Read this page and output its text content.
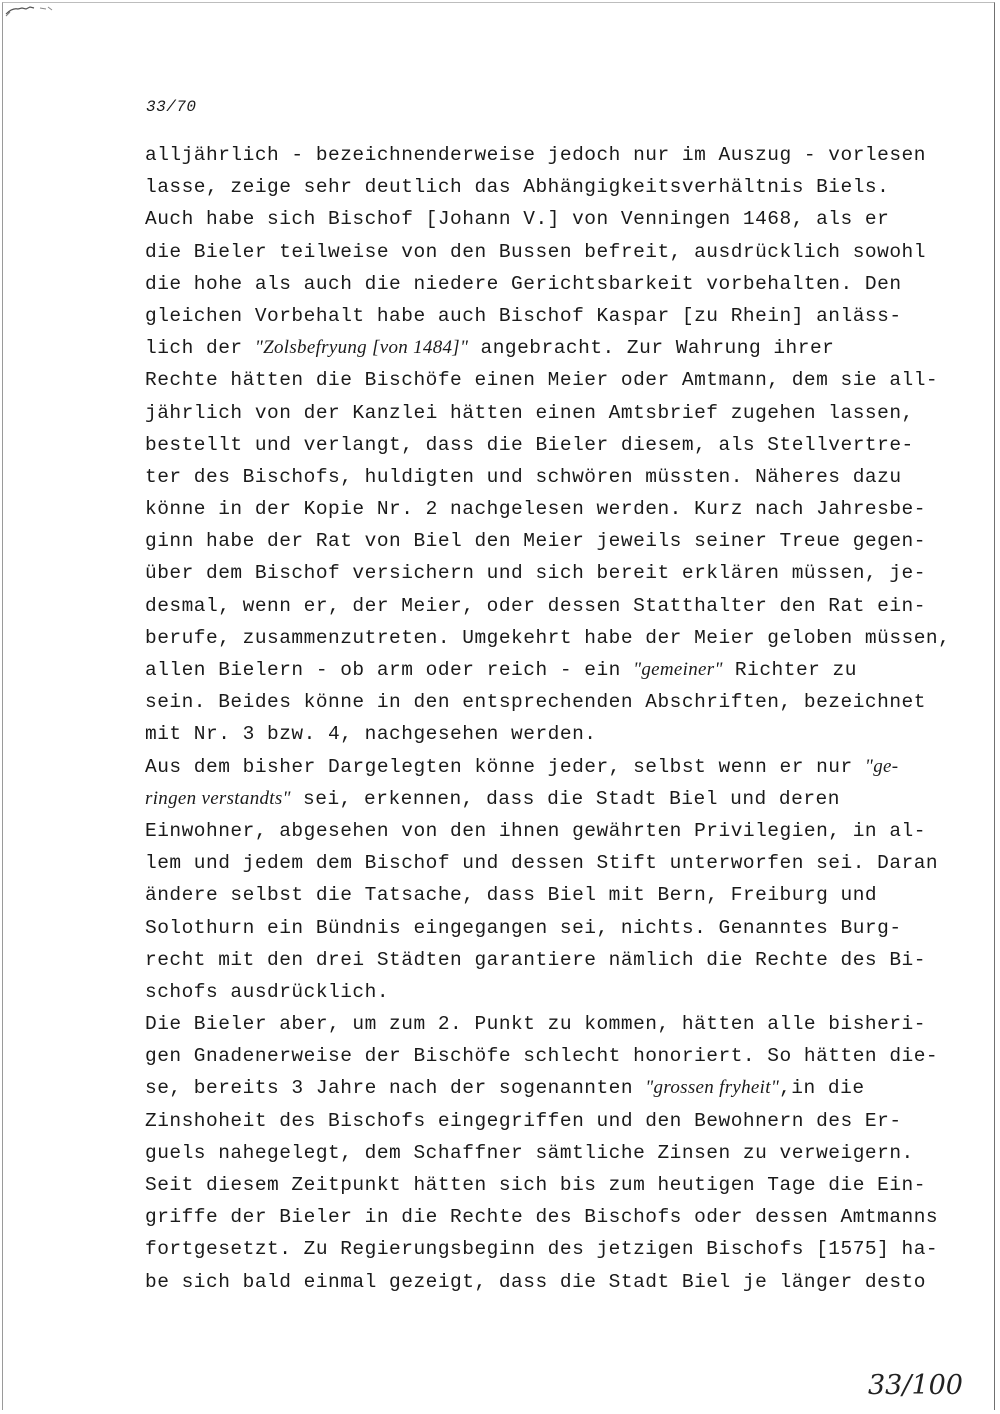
33/70
alljährlich - bezeichnenderweise jedoch nur im Auszug - vorlesen
lasse, zeige sehr deutlich das Abhängigkeitsverhältnis Biels.
Auch habe sich Bischof [Johann V.] von Venningen 1468, als er
die Bieler teilweise von den Bussen befreit, ausdrücklich sowohl
die hohe als auch die niedere Gerichtsbarkeit vorbehalten. Den
gleichen Vorbehalt habe auch Bischof Kaspar [zu Rhein] anläss-
lich der "Zolsbefryung [von 1484]" angebracht. Zur Wahrung ihrer
Rechte hätten die Bischöfe einen Meier oder Amtmann, dem sie all-
jährlich von der Kanzlei hätten einen Amtsbrief zugehen lassen,
bestellt und verlangt, dass die Bieler diesem, als Stellvertre-
ter des Bischofs, huldigten und schwören müssten. Näheres dazu
könne in der Kopie Nr. 2 nachgelesen werden. Kurz nach Jahresbe-
ginn habe der Rat von Biel den Meier jeweils seiner Treue gegen-
über dem Bischof versichern und sich bereit erklären müssen, je-
desmal, wenn er, der Meier, oder dessen Statthalter den Rat ein-
berufe, zusammenzutreten. Umgekehrt habe der Meier geloben müssen,
allen Bielern - ob arm oder reich - ein "gemeiner" Richter zu
sein. Beides könne in den entsprechenden Abschriften, bezeichnet
mit Nr. 3 bzw. 4, nachgesehen werden.
Aus dem bisher Dargelegten könne jeder, selbst wenn er nur "ge-
ringen verstandts" sei, erkennen, dass die Stadt Biel und deren
Einwohner, abgesehen von den ihnen gewährten Privilegien, in al-
lem und jedem dem Bischof und dessen Stift unterworfen sei. Daran
ändere selbst die Tatsache, dass Biel mit Bern, Freiburg und
Solothurn ein Bündnis eingegangen sei, nichts. Genanntes Burg-
recht mit den drei Städten garantiere nämlich die Rechte des Bi-
schofs ausdrücklich.
Die Bieler aber, um zum 2. Punkt zu kommen, hätten alle bisheri-
gen Gnadenerweise der Bischöfe schlecht honoriert. So hätten die-
se, bereits 3 Jahre nach der sogenannten "grossen fryheit",in die
Zinshoheit des Bischofs eingegriffen und den Bewohnern des Er-
guels nahegelegt, dem Schaffner sämtliche Zinsen zu verweigern.
Seit diesem Zeitpunkt hätten sich bis zum heutigen Tage die Ein-
griffe der Bieler in die Rechte des Bischofs oder dessen Amtmanns
fortgesetzt. Zu Regierungsbeginn des jetzigen Bischofs [1575] ha-
be sich bald einmal gezeigt, dass die Stadt Biel je länger desto
33/100
